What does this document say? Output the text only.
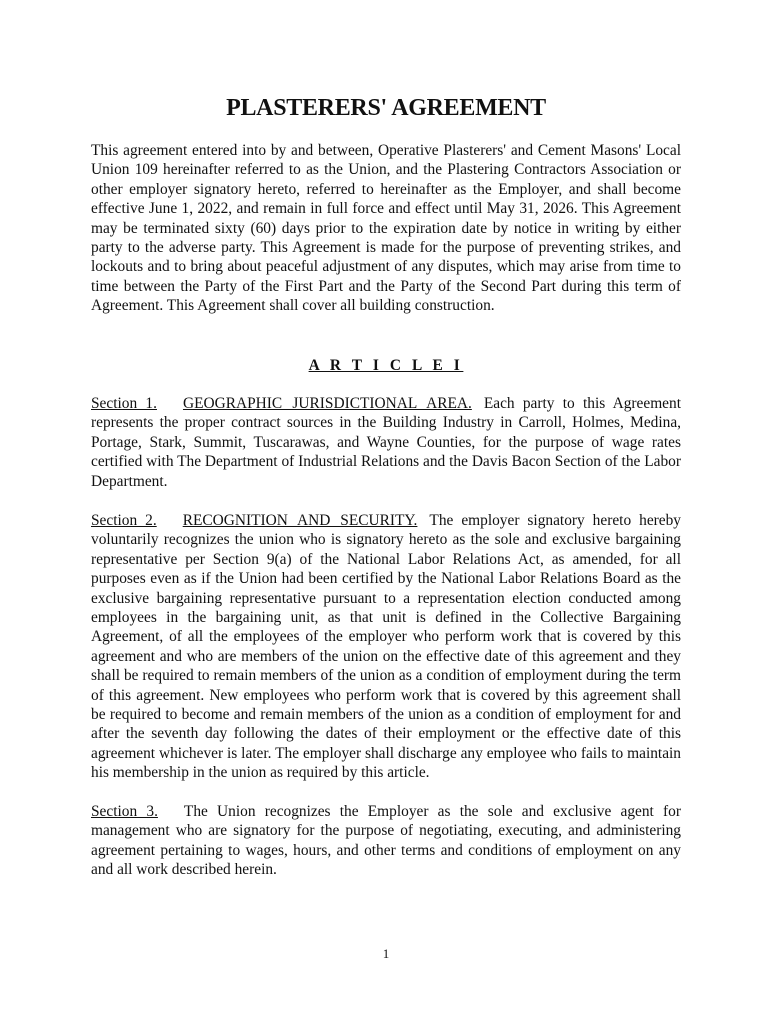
PLASTERERS' AGREEMENT

This agreement entered into by and between, Operative Plasterers' and Cement Masons' Local Union 109 hereinafter referred to as the Union, and the Plastering Contractors Association or other employer signatory hereto, referred to hereinafter as the Employer, and shall become effective June 1, 2022, and remain in full force and effect until May 31, 2026. This Agreement may be terminated sixty (60) days prior to the expiration date by notice in writing by either party to the adverse party. This Agreement is made for the purpose of preventing strikes, and lockouts and to bring about peaceful adjustment of any disputes, which may arise from time to time between the Party of the First Part and the Party of the Second Part during this term of Agreement. This Agreement shall cover all building construction.

A R T I C L E I

Section 1. GEOGRAPHIC JURISDICTIONAL AREA. Each party to this Agreement represents the proper contract sources in the Building Industry in Carroll, Holmes, Medina, Portage, Stark, Summit, Tuscarawas, and Wayne Counties, for the purpose of wage rates certified with The Department of Industrial Relations and the Davis Bacon Section of the Labor Department.

Section 2. RECOGNITION AND SECURITY. The employer signatory hereto hereby voluntarily recognizes the union who is signatory hereto as the sole and exclusive bargaining representative per Section 9(a) of the National Labor Relations Act, as amended, for all purposes even as if the Union had been certified by the National Labor Relations Board as the exclusive bargaining representative pursuant to a representation election conducted among employees in the bargaining unit, as that unit is defined in the Collective Bargaining Agreement, of all the employees of the employer who perform work that is covered by this agreement and who are members of the union on the effective date of this agreement and they shall be required to remain members of the union as a condition of employment during the term of this agreement. New employees who perform work that is covered by this agreement shall be required to become and remain members of the union as a condition of employment for and after the seventh day following the dates of their employment or the effective date of this agreement whichever is later. The employer shall discharge any employee who fails to maintain his membership in the union as required by this article.

Section 3. The Union recognizes the Employer as the sole and exclusive agent for management who are signatory for the purpose of negotiating, executing, and administering agreement pertaining to wages, hours, and other terms and conditions of employment on any and all work described herein.

1
